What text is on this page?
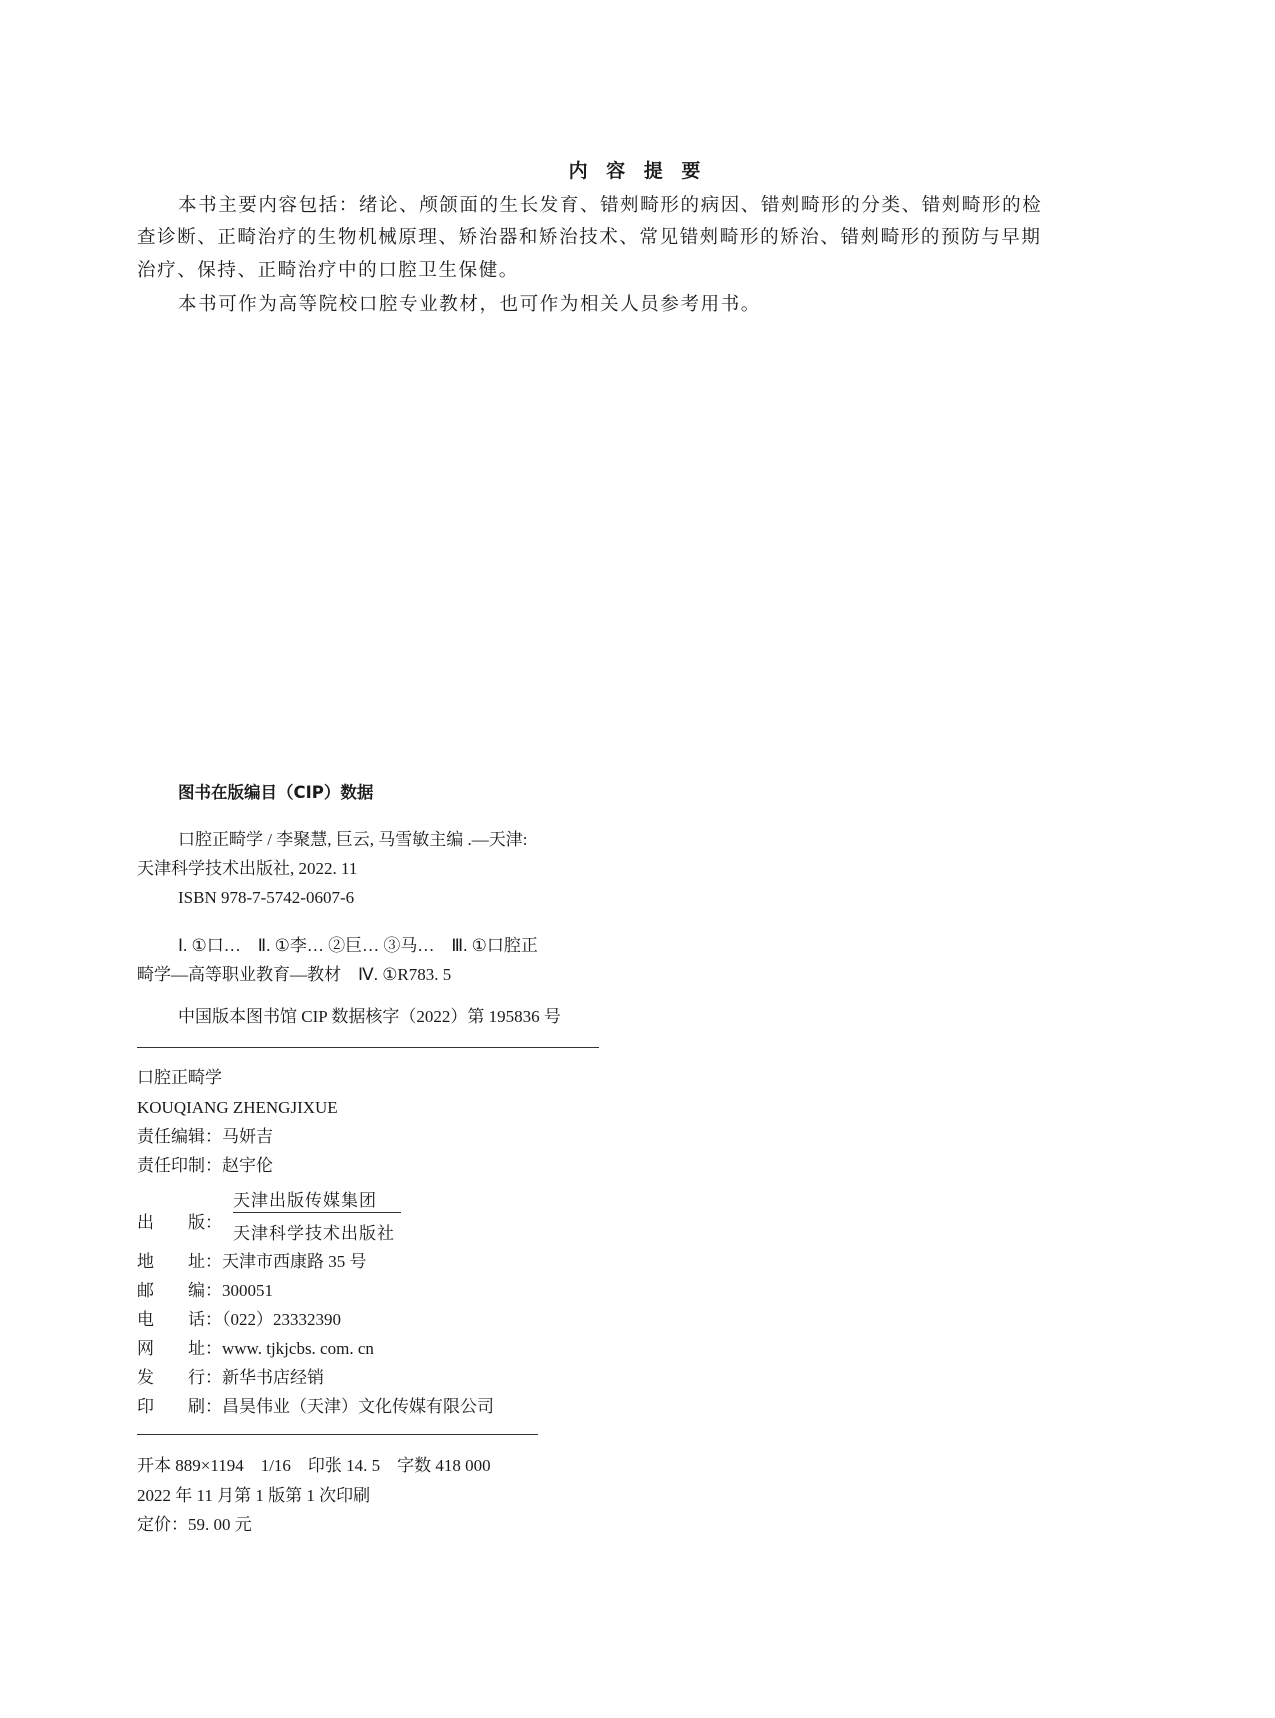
内 容 提 要
本书主要内容包括：绪论、颅颌面的生长发育、错㓨畸形的病因、错㓨畸形的分类、错㓨畸形的检
查诊断、正畸治疗的生物机械原理、矫治器和矫治技术、常见错㓨畸形的矫治、错㓨畸形的预防与早期
治疗、保持、正畸治疗中的口腔卫生保健。
本书可作为高等院校口腔专业教材，也可作为相关人员参考用书。
图书在版编目（CIP）数据
口腔正畸学 / 李聚慧, 巨云, 马雪敏主编 .—天津:
天津科学技术出版社, 2022. 11
ISBN 978-7-5742-0607-6
Ⅰ. ①口…　Ⅱ. ①李… ②巨… ③马…　Ⅲ. ①口腔正
畸学—高等职业教育—教材　Ⅳ. ①R783. 5
中国版本图书馆 CIP 数据核字（2022）第 195836 号
口腔正畸学
KOUQIANG ZHENGJIXUE
责任编辑：马妍吉
责任印制：赵宇伦
出　　版：
天津出版传媒集团
天津科学技术出版社
地　　址：天津市西康路 35 号
邮　　编：300051
电　　话：（022）23332390
网　　址：www. tjkjcbs. com. cn
发　　行：新华书店经销
印　　刷：昌昊伟业（天津）文化传媒有限公司
开本 889×1194　1/16　印张 14. 5　字数 418 000
2022 年 11 月第 1 版第 1 次印刷
定价：59. 00 元
